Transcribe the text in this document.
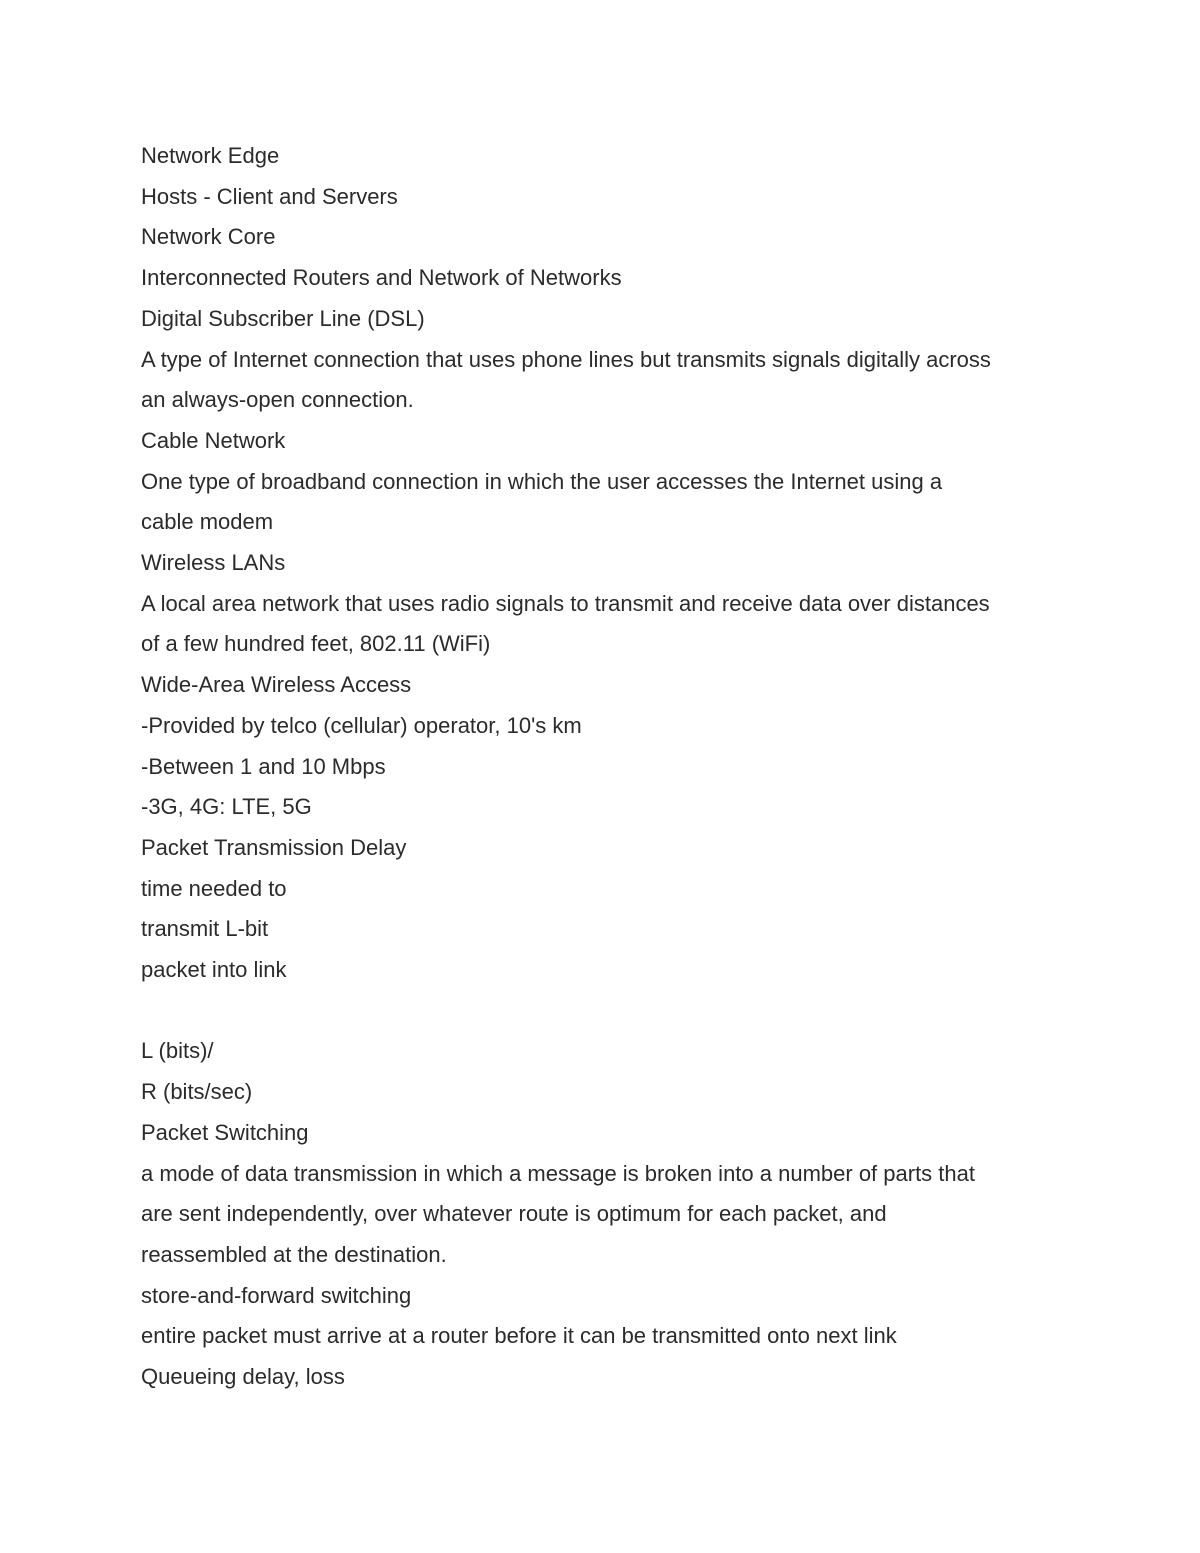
Network Edge
Hosts - Client and Servers
Network Core
Interconnected Routers and Network of Networks
Digital Subscriber Line (DSL)
A type of Internet connection that uses phone lines but transmits signals digitally across
an always-open connection.
Cable Network
One type of broadband connection in which the user accesses the Internet using a
cable modem
Wireless LANs
A local area network that uses radio signals to transmit and receive data over distances
of a few hundred feet, 802.11 (WiFi)
Wide-Area Wireless Access
-Provided by telco (cellular) operator, 10's km
-Between 1 and 10 Mbps
-3G, 4G: LTE, 5G
Packet Transmission Delay
time needed to
transmit L-bit
packet into link
L (bits)/
R (bits/sec)
Packet Switching
a mode of data transmission in which a message is broken into a number of parts that
are sent independently, over whatever route is optimum for each packet, and
reassembled at the destination.
store-and-forward switching
entire packet must arrive at a router before it can be transmitted onto next link
Queueing delay, loss
